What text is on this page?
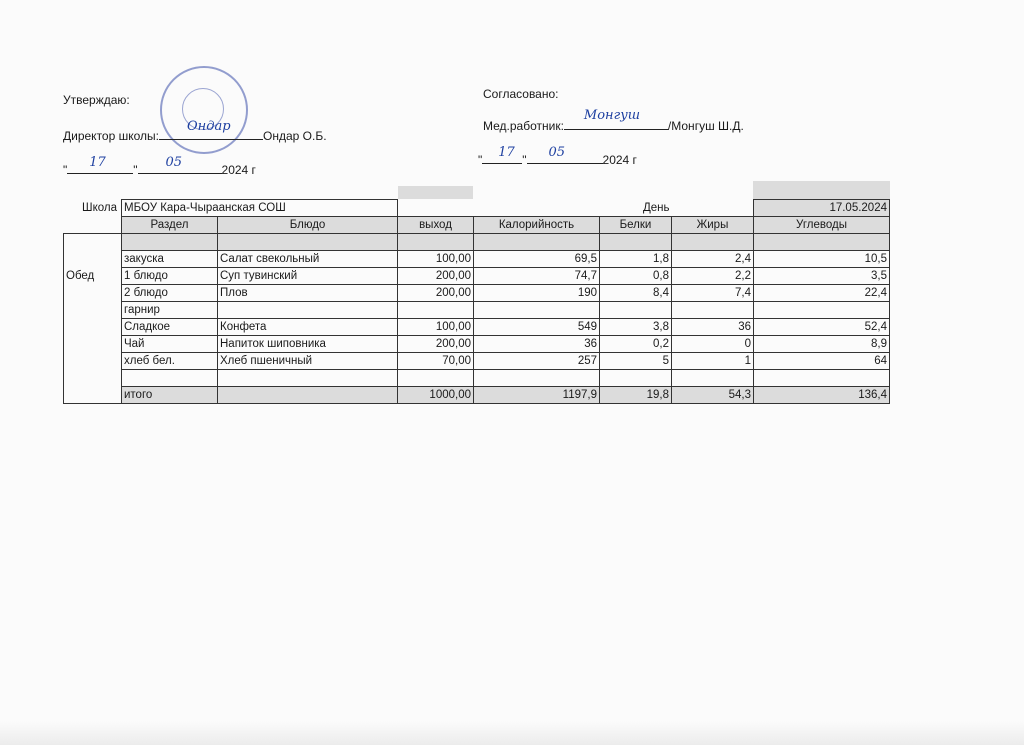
Утверждаю:
Директор школы:
Ондар
Ондар О.Б.
" 17 " 05	2024 г
Согласовано:
Мед.работник:
Монгуш
/Монгуш Ш.Д.
" 17 " 05	2024 г
Школа	МБОУ Кара-Чыраанская СОШ				День		17.05.2024
	Раздел	Блюдо	выход	Калорийность	Белки	Жиры	Углеводы

	закуска	Салат свекольный	100,00	69,5	1,8	2,4	10,5
Обед	1 блюдо	Суп тувинский	200,00	74,7	0,8	2,2	3,5
	2 блюдо	Плов	200,00	190	8,4	7,4	22,4
	гарнир						
	Сладкое	Конфета	100,00	549	3,8	36	52,4
	Чай	Напиток шиповника	200,00	36	0,2	0	8,9
	хлеб бел.	Хлеб пшеничный	70,00	257	5	1	64

	итого		1000,00	1197,9	19,8	54,3	136,4
